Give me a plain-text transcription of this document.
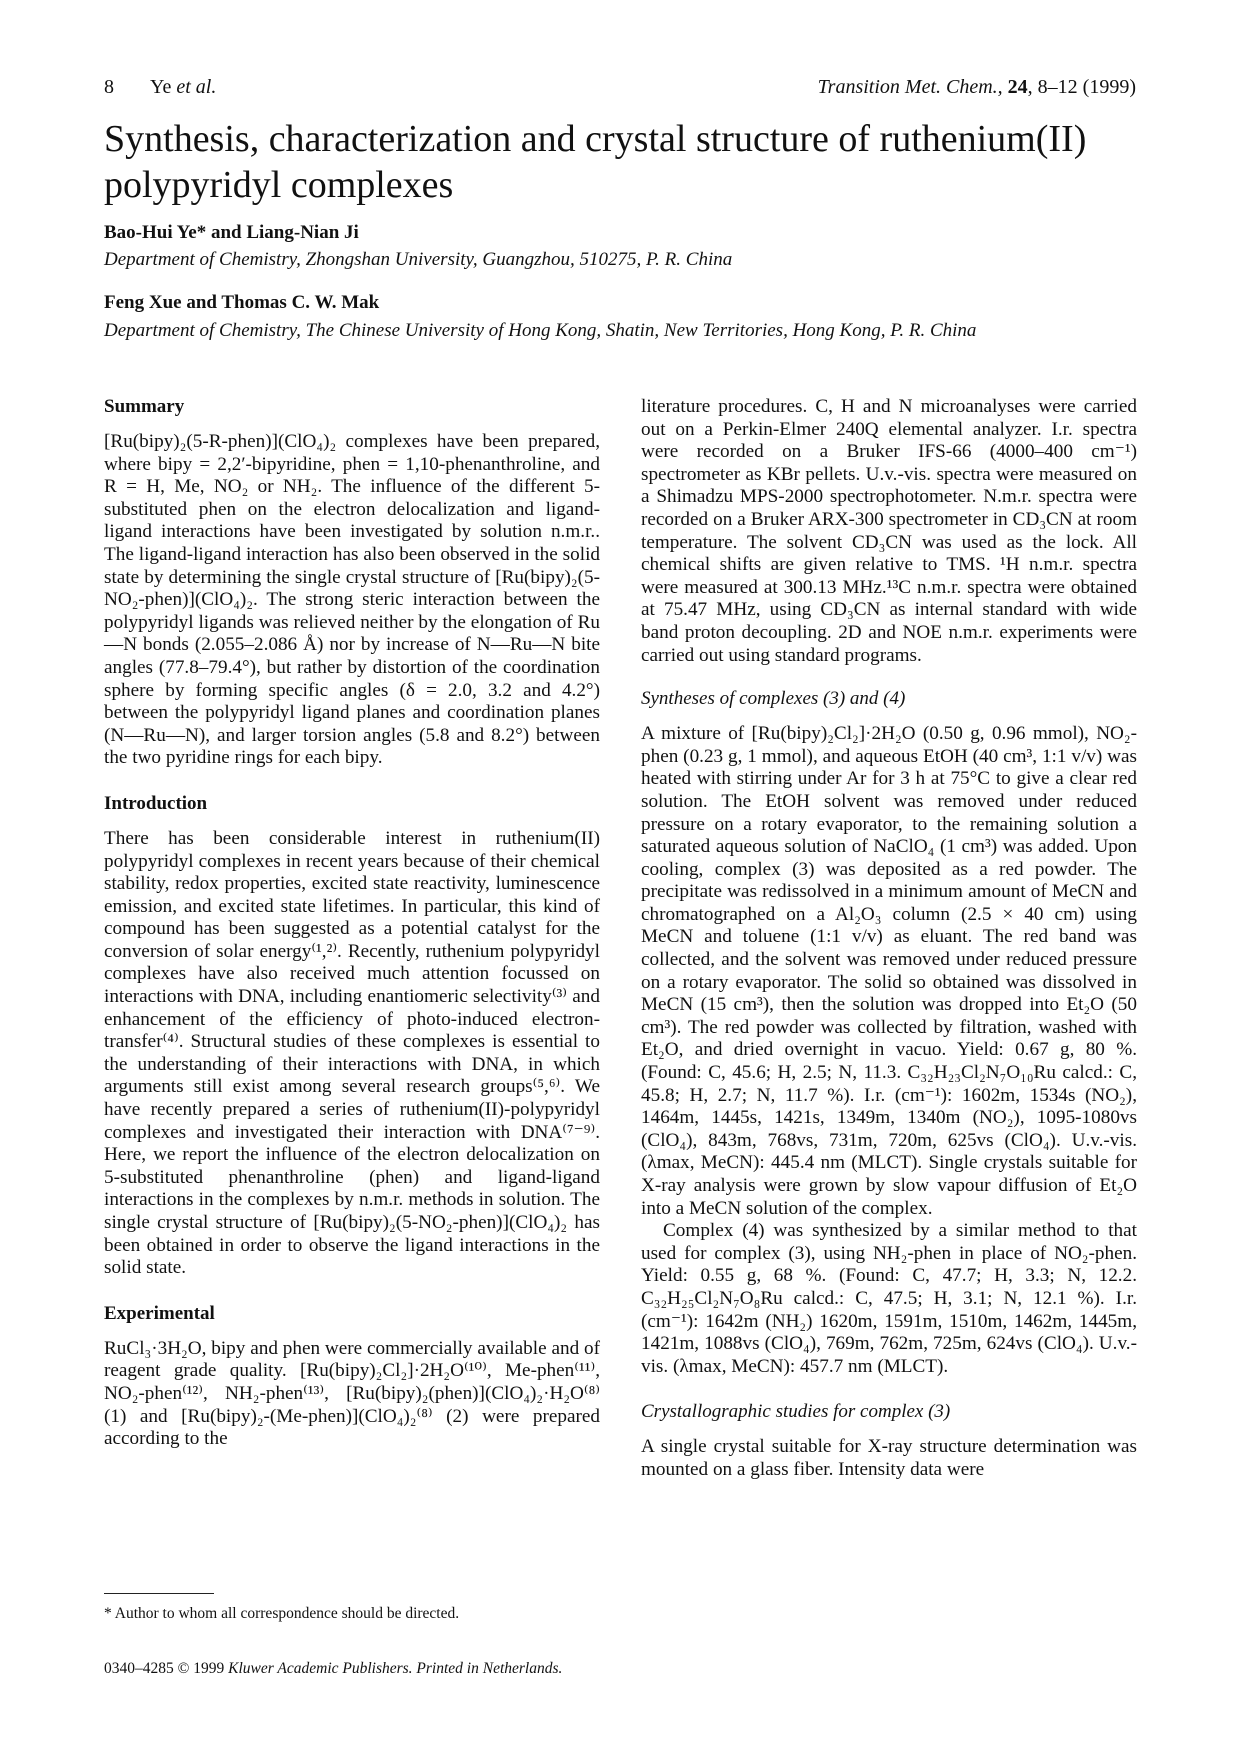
8 Ye et al.	Transition Met. Chem., 24, 8–12 (1999)
Synthesis, characterization and crystal structure of ruthenium(II) polypyridyl complexes
Bao-Hui Ye* and Liang-Nian Ji
Department of Chemistry, Zhongshan University, Guangzhou, 510275, P. R. China
Feng Xue and Thomas C. W. Mak
Department of Chemistry, The Chinese University of Hong Kong, Shatin, New Territories, Hong Kong, P. R. China
Summary

[Ru(bipy)₂(5-R-phen)](ClO₄)₂ complexes have been prepared, where bipy = 2,2′-bipyridine, phen = 1,10-phenanthroline, and R = H, Me, NO₂ or NH₂. The influence of the different 5-substituted phen on the electron delocalization and ligand-ligand interactions have been investigated by solution n.m.r.. The ligand-ligand interaction has also been observed in the solid state by determining the single crystal structure of [Ru(bipy)₂(5-NO₂-phen)](ClO₄)₂. The strong steric interaction between the polypyridyl ligands was relieved neither by the elongation of Ru—N bonds (2.055–2.086 Å) nor by increase of N—Ru—N bite angles (77.8–79.4°), but rather by distortion of the coordination sphere by forming specific angles (δ = 2.0, 3.2 and 4.2°) between the polypyridyl ligand planes and coordination planes (N—Ru—N), and larger torsion angles (5.8 and 8.2°) between the two pyridine rings for each bipy.

Introduction

There has been considerable interest in ruthenium(II) polypyridyl complexes in recent years because of their chemical stability, redox properties, excited state reactivity, luminescence emission, and excited state lifetimes. In particular, this kind of compound has been suggested as a potential catalyst for the conversion of solar energy⁽¹,²⁾. Recently, ruthenium polypyridyl complexes have also received much attention focussed on interactions with DNA, including enantiomeric selectivity⁽³⁾ and enhancement of the efficiency of photo-induced electron-transfer⁽⁴⁾. Structural studies of these complexes is essential to the understanding of their interactions with DNA, in which arguments still exist among several research groups⁽⁵,⁶⁾. We have recently prepared a series of ruthenium(II)-polypyridyl complexes and investigated their interaction with DNA⁽⁷⁻⁹⁾. Here, we report the influence of the electron delocalization on 5-substituted phenanthroline (phen) and ligand-ligand interactions in the complexes by n.m.r. methods in solution. The single crystal structure of [Ru(bipy)₂(5-NO₂-phen)](ClO₄)₂ has been obtained in order to observe the ligand interactions in the solid state.

Experimental

RuCl₃·3H₂O, bipy and phen were commercially available and of reagent grade quality. [Ru(bipy)₂Cl₂]·2H₂O⁽¹⁰⁾, Me-phen⁽¹¹⁾, NO₂-phen⁽¹²⁾, NH₂-phen⁽¹³⁾, [Ru(bipy)₂(phen)](ClO₄)₂·H₂O⁽⁸⁾ (1) and [Ru(bipy)₂-(Me-phen)](ClO₄)₂⁽⁸⁾ (2) were prepared according to the

literature procedures. C, H and N microanalyses were carried out on a Perkin-Elmer 240Q elemental analyzer. I.r. spectra were recorded on a Bruker IFS-66 (4000–400 cm⁻¹) spectrometer as KBr pellets. U.v.-vis. spectra were measured on a Shimadzu MPS-2000 spectrophotometer. N.m.r. spectra were recorded on a Bruker ARX-300 spectrometer in CD₃CN at room temperature. The solvent CD₃CN was used as the lock. All chemical shifts are given relative to TMS. ¹H n.m.r. spectra were measured at 300.13 MHz.¹³C n.m.r. spectra were obtained at 75.47 MHz, using CD₃CN as internal standard with wide band proton decoupling. 2D and NOE n.m.r. experiments were carried out using standard programs.

Syntheses of complexes (3) and (4)

A mixture of [Ru(bipy)₂Cl₂]·2H₂O (0.50 g, 0.96 mmol), NO₂-phen (0.23 g, 1 mmol), and aqueous EtOH (40 cm³, 1:1 v/v) was heated with stirring under Ar for 3 h at 75°C to give a clear red solution. The EtOH solvent was removed under reduced pressure on a rotary evaporator, to the remaining solution a saturated aqueous solution of NaClO₄ (1 cm³) was added. Upon cooling, complex (3) was deposited as a red powder. The precipitate was redissolved in a minimum amount of MeCN and chromatographed on a Al₂O₃ column (2.5 × 40 cm) using MeCN and toluene (1:1 v/v) as eluant. The red band was collected, and the solvent was removed under reduced pressure on a rotary evaporator. The solid so obtained was dissolved in MeCN (15 cm³), then the solution was dropped into Et₂O (50 cm³). The red powder was collected by filtration, washed with Et₂O, and dried overnight in vacuo. Yield: 0.67 g, 80 %. (Found: C, 45.6; H, 2.5; N, 11.3. C₃₂H₂₃Cl₂N₇O₁₀Ru calcd.: C, 45.8; H, 2.7; N, 11.7 %). I.r. (cm⁻¹): 1602m, 1534s (NO₂), 1464m, 1445s, 1421s, 1349m, 1340m (NO₂), 1095-1080vs (ClO₄), 843m, 768vs, 731m, 720m, 625vs (ClO₄). U.v.-vis. (λmax, MeCN): 445.4 nm (MLCT). Single crystals suitable for X-ray analysis were grown by slow vapour diffusion of Et₂O into a MeCN solution of the complex.

Complex (4) was synthesized by a similar method to that used for complex (3), using NH₂-phen in place of NO₂-phen. Yield: 0.55 g, 68 %. (Found: C, 47.7; H, 3.3; N, 12.2. C₃₂H₂₅Cl₂N₇O₈Ru calcd.: C, 47.5; H, 3.1; N, 12.1 %). I.r. (cm⁻¹): 1642m (NH₂) 1620m, 1591m, 1510m, 1462m, 1445m, 1421m, 1088vs (ClO₄), 769m, 762m, 725m, 624vs (ClO₄). U.v.-vis. (λmax, MeCN): 457.7 nm (MLCT).

Crystallographic studies for complex (3)

A single crystal suitable for X-ray structure determination was mounted on a glass fiber. Intensity data were

* Author to whom all correspondence should be directed.
0340–4285 © 1999 Kluwer Academic Publishers. Printed in Netherlands.
